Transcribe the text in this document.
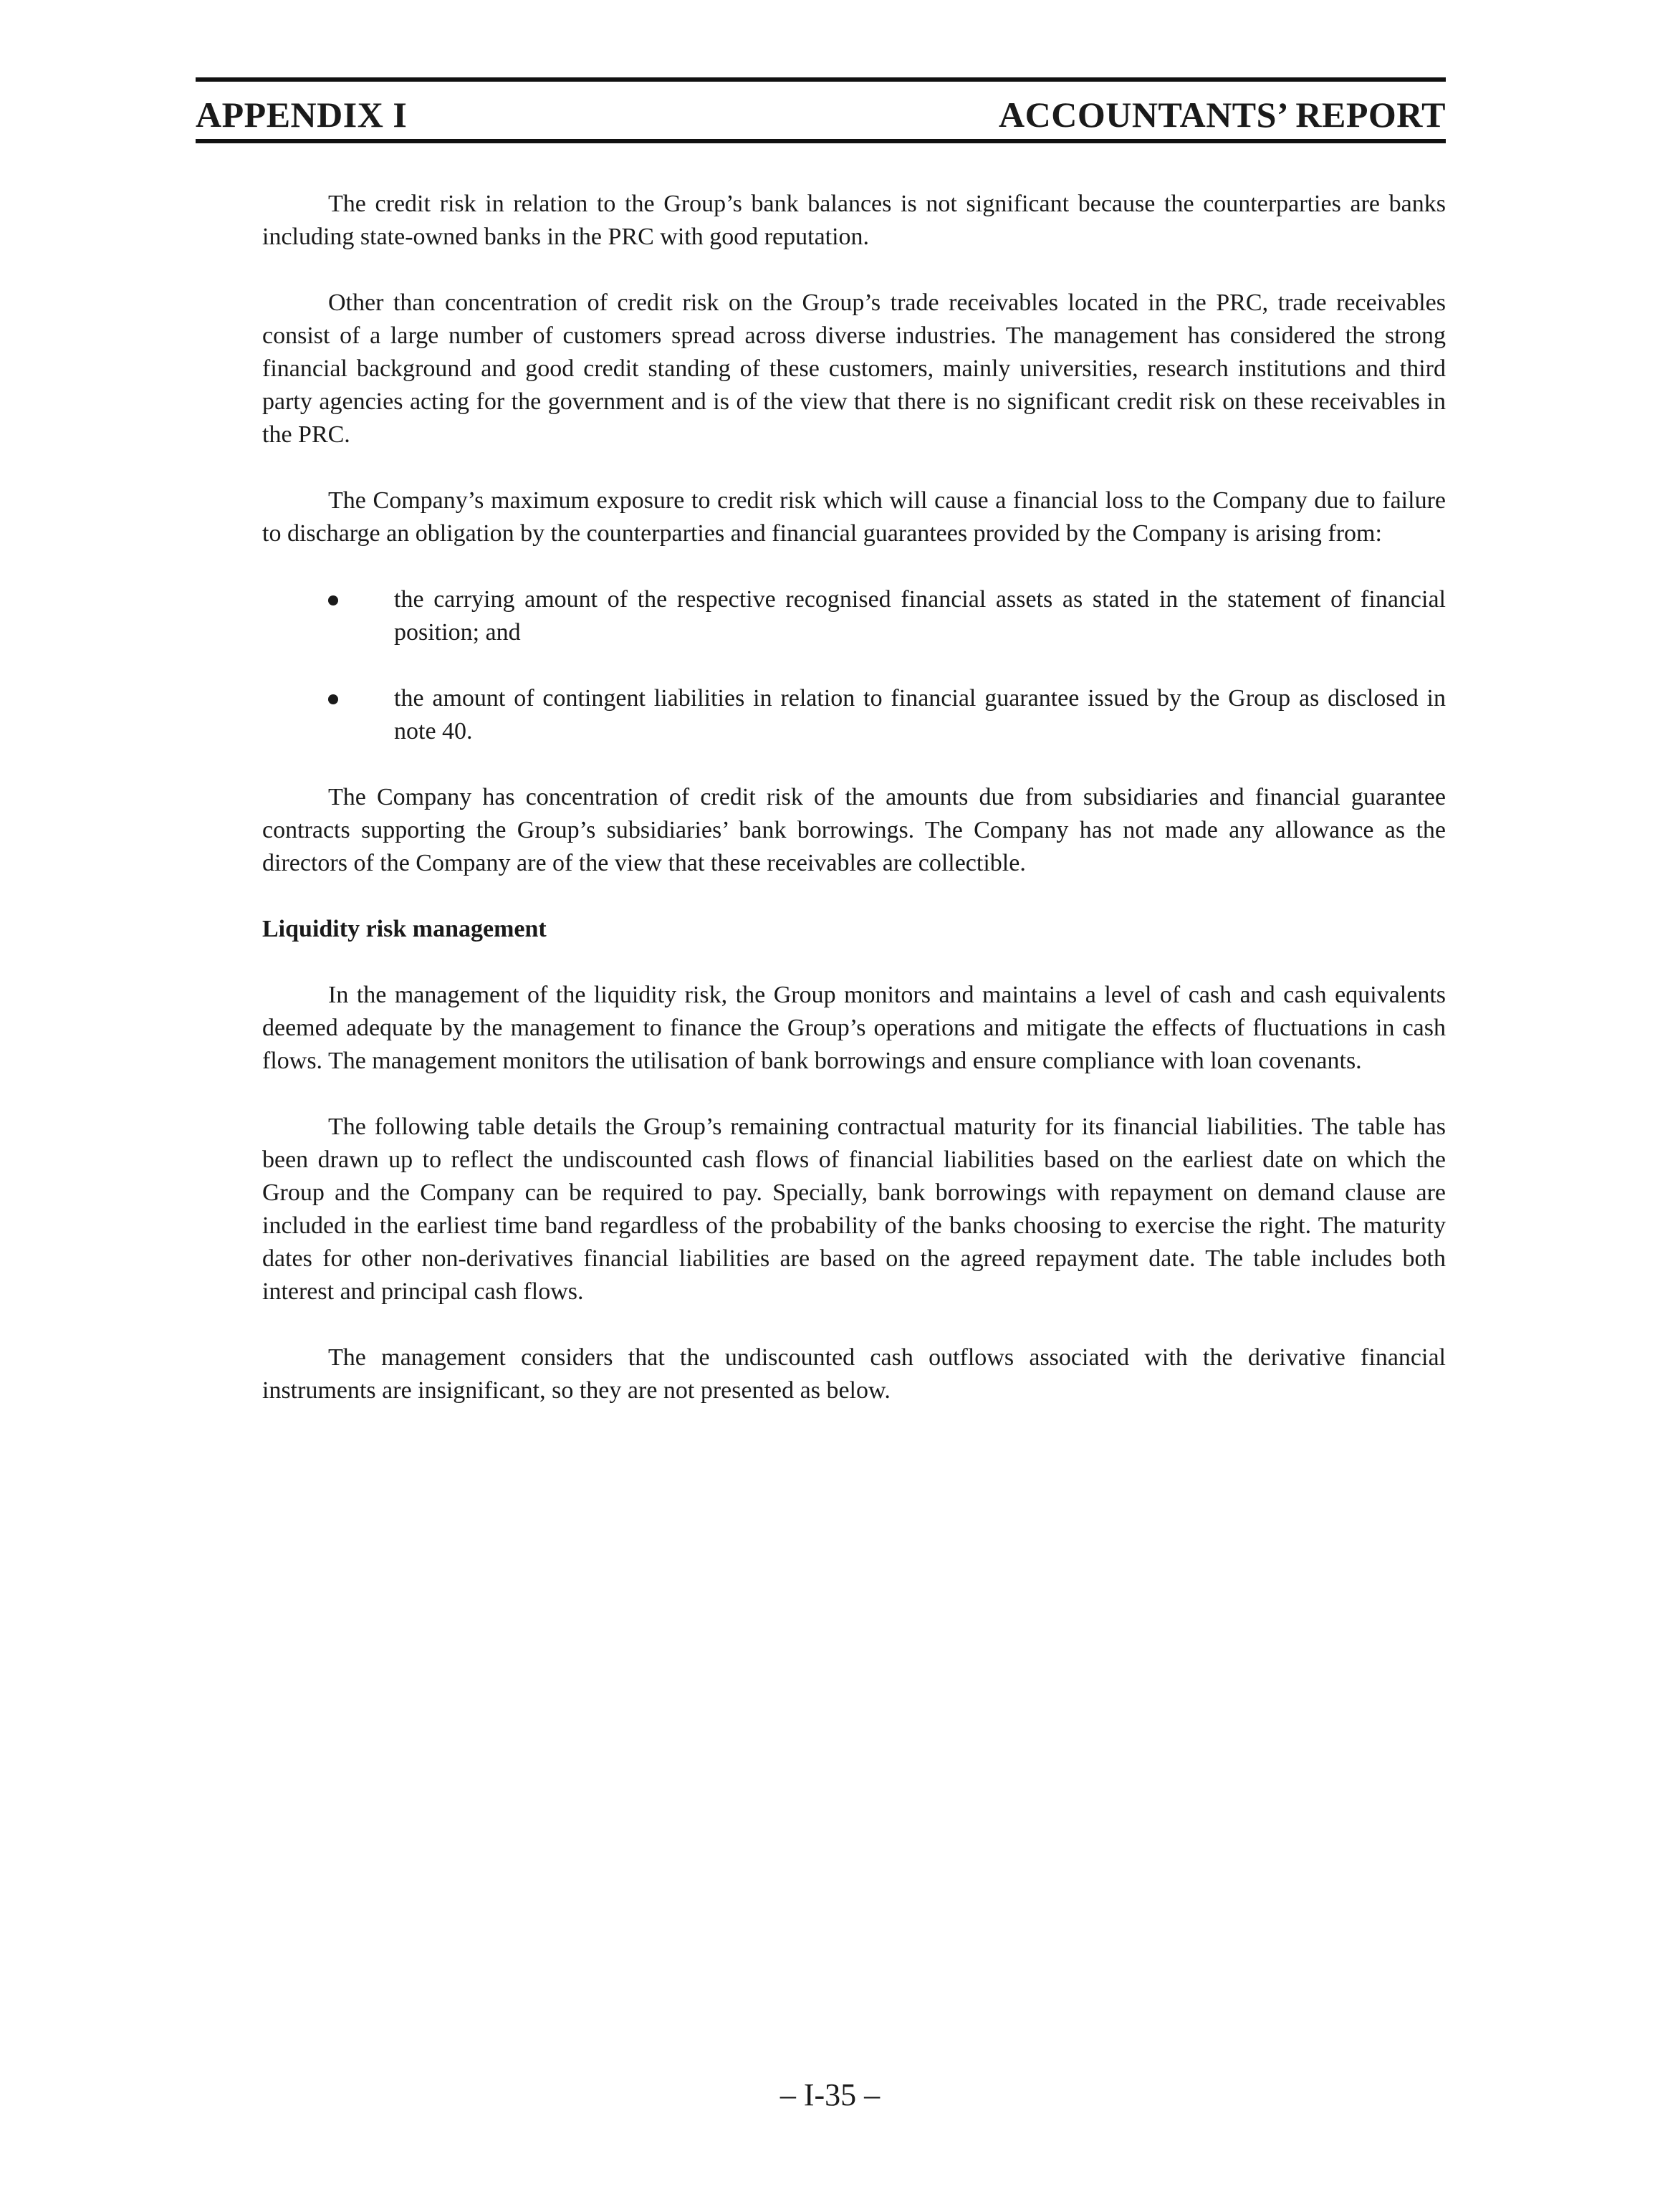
APPENDIX I	ACCOUNTANTS’ REPORT

The credit risk in relation to the Group’s bank balances is not significant because the counterparties are banks including state-owned banks in the PRC with good reputation.

Other than concentration of credit risk on the Group’s trade receivables located in the PRC, trade receivables consist of a large number of customers spread across diverse industries. The management has considered the strong financial background and good credit standing of these customers, mainly universities, research institutions and third party agencies acting for the government and is of the view that there is no significant credit risk on these receivables in the PRC.

The Company’s maximum exposure to credit risk which will cause a financial loss to the Company due to failure to discharge an obligation by the counterparties and financial guarantees provided by the Company is arising from:

the carrying amount of the respective recognised financial assets as stated in the statement of financial position; and
the amount of contingent liabilities in relation to financial guarantee issued by the Group as disclosed in note 40.

The Company has concentration of credit risk of the amounts due from subsidiaries and financial guarantee contracts supporting the Group’s subsidiaries’ bank borrowings. The Company has not made any allowance as the directors of the Company are of the view that these receivables are collectible.

Liquidity risk management

In the management of the liquidity risk, the Group monitors and maintains a level of cash and cash equivalents deemed adequate by the management to finance the Group’s operations and mitigate the effects of fluctuations in cash flows. The management monitors the utilisation of bank borrowings and ensure compliance with loan covenants.

The following table details the Group’s remaining contractual maturity for its financial liabilities. The table has been drawn up to reflect the undiscounted cash flows of financial liabilities based on the earliest date on which the Group and the Company can be required to pay. Specially, bank borrowings with repayment on demand clause are included in the earliest time band regardless of the probability of the banks choosing to exercise the right. The maturity dates for other non-derivatives financial liabilities are based on the agreed repayment date. The table includes both interest and principal cash flows.

The management considers that the undiscounted cash outflows associated with the derivative financial instruments are insignificant, so they are not presented as below.

– I-35 –
